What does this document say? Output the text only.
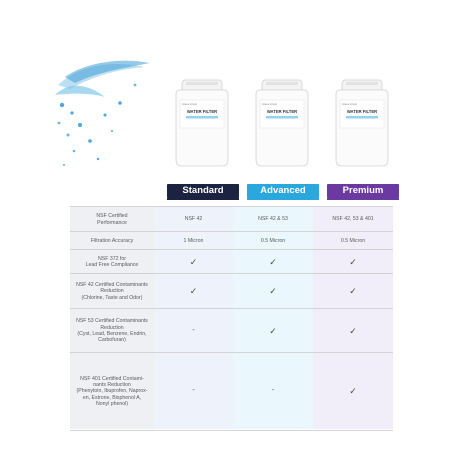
Aqua Crest
WATER FILTER
Aqua Crest
WATER FILTER
Aqua Crest
WATER FILTER
Standard	Advanced	Premium
NSF Certified
Performance
NSF 42	NSF 42 & 53	NSF 42, 53 & 401
Filtration Accuracy	1 Micron	0.5 Micron	0.5 Micron
NSF 372 for
Lead Free Compliance	✓	✓	✓
NSF 42 Certified Contaminants
Reduction
(Chlorine, Taste and Odor)
✓	✓	✓
NSF 53 Certified Contaminants
Reduction
(Cyst, Lead, Benzene, Endrin,
Carbofuran)
-	✓	✓
NSF 401 Certified Contami-
nants Reduction
(Phenytoin, Ibuprofen, Naprox-
en, Estrone, Bisphenol A,
Nonyl phenol)
-	-	✓
